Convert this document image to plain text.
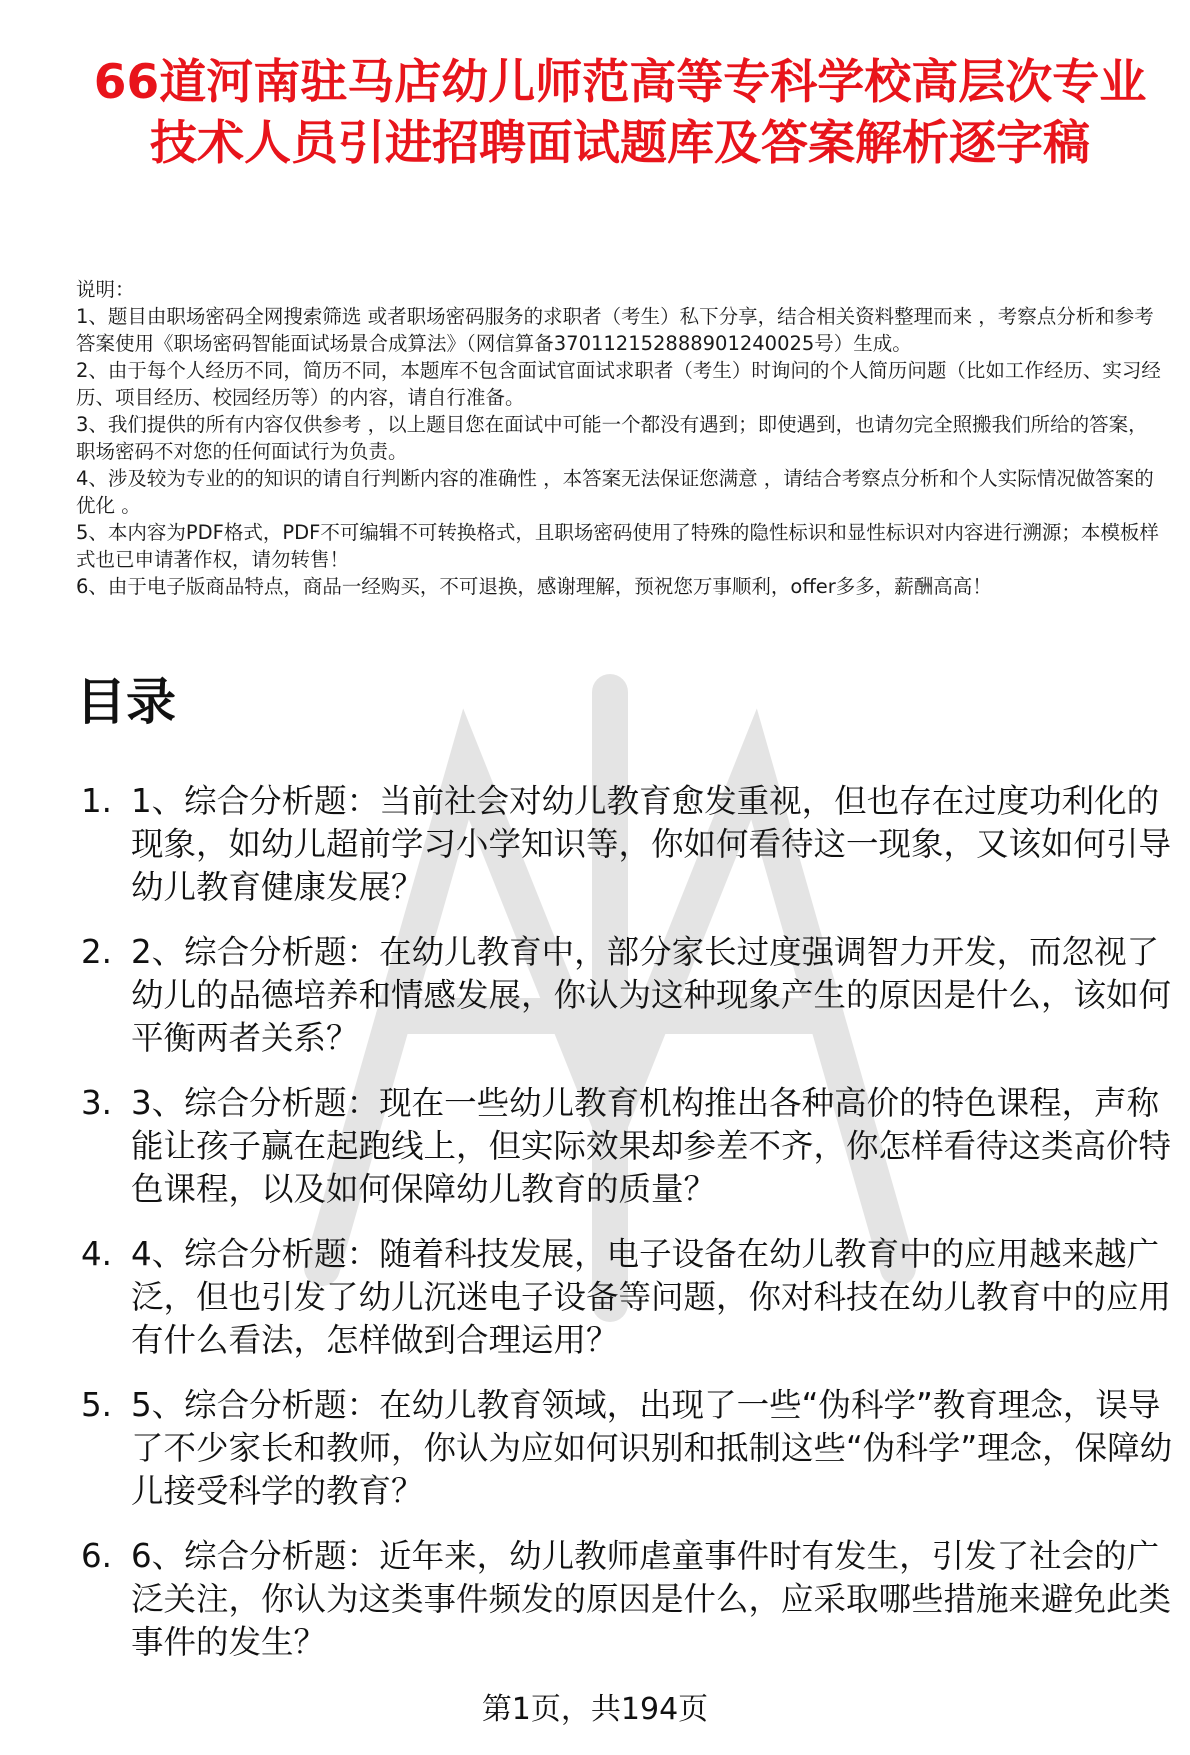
66道河南驻马店幼儿师范高等专科学校高层次专业技术人员引进招聘面试题库及答案解析逐字稿
说明：
1、题目由职场密码全网搜索筛选 或者职场密码服务的求职者（考生）私下分享，结合相关资料整理而来 ，考察点分析和参考答案使用《职场密码智能面试场景合成算法》（网信算备370112152888901240025号）生成。
2、由于每个人经历不同，简历不同，本题库不包含面试官面试求职者（考生）时询问的个人简历问题（比如工作经历、实习经历、项目经历、校园经历等）的内容，请自行准备。
3、我们提供的所有内容仅供参考 ，以上题目您在面试中可能一个都没有遇到；即使遇到，也请勿完全照搬我们所给的答案，职场密码不对您的任何面试行为负责。
4、涉及较为专业的的知识的请自行判断内容的准确性 ，本答案无法保证您满意 ，请结合考察点分析和个人实际情况做答案的优化 。
5、本内容为PDF格式，PDF不可编辑不可转换格式，且职场密码使用了特殊的隐性标识和显性标识对内容进行溯源；本模板样式也已申请著作权，请勿转售！
6、由于电子版商品特点，商品一经购买，不可退换，感谢理解，预祝您万事顺利，offer多多，薪酬高高！
目录
1. 1、综合分析题：当前社会对幼儿教育愈发重视，但也存在过度功利化的现象，如幼儿超前学习小学知识等，你如何看待这一现象，又该如何引导幼儿教育健康发展？
2. 2、综合分析题：在幼儿教育中，部分家长过度强调智力开发，而忽视了幼儿的品德培养和情感发展，你认为这种现象产生的原因是什么，该如何平衡两者关系？
3. 3、综合分析题：现在一些幼儿教育机构推出各种高价的特色课程，声称能让孩子赢在起跑线上，但实际效果却参差不齐，你怎样看待这类高价特色课程，以及如何保障幼儿教育的质量？
4. 4、综合分析题：随着科技发展，电子设备在幼儿教育中的应用越来越广泛，但也引发了幼儿沉迷电子设备等问题，你对科技在幼儿教育中的应用有什么看法，怎样做到合理运用？
5. 5、综合分析题：在幼儿教育领域，出现了一些“伪科学”教育理念，误导了不少家长和教师，你认为应如何识别和抵制这些“伪科学”理念，保障幼儿接受科学的教育？
6. 6、综合分析题：近年来，幼儿教师虐童事件时有发生，引发了社会的广泛关注，你认为这类事件频发的原因是什么，应采取哪些措施来避免此类事件的发生？
第1页，共194页
